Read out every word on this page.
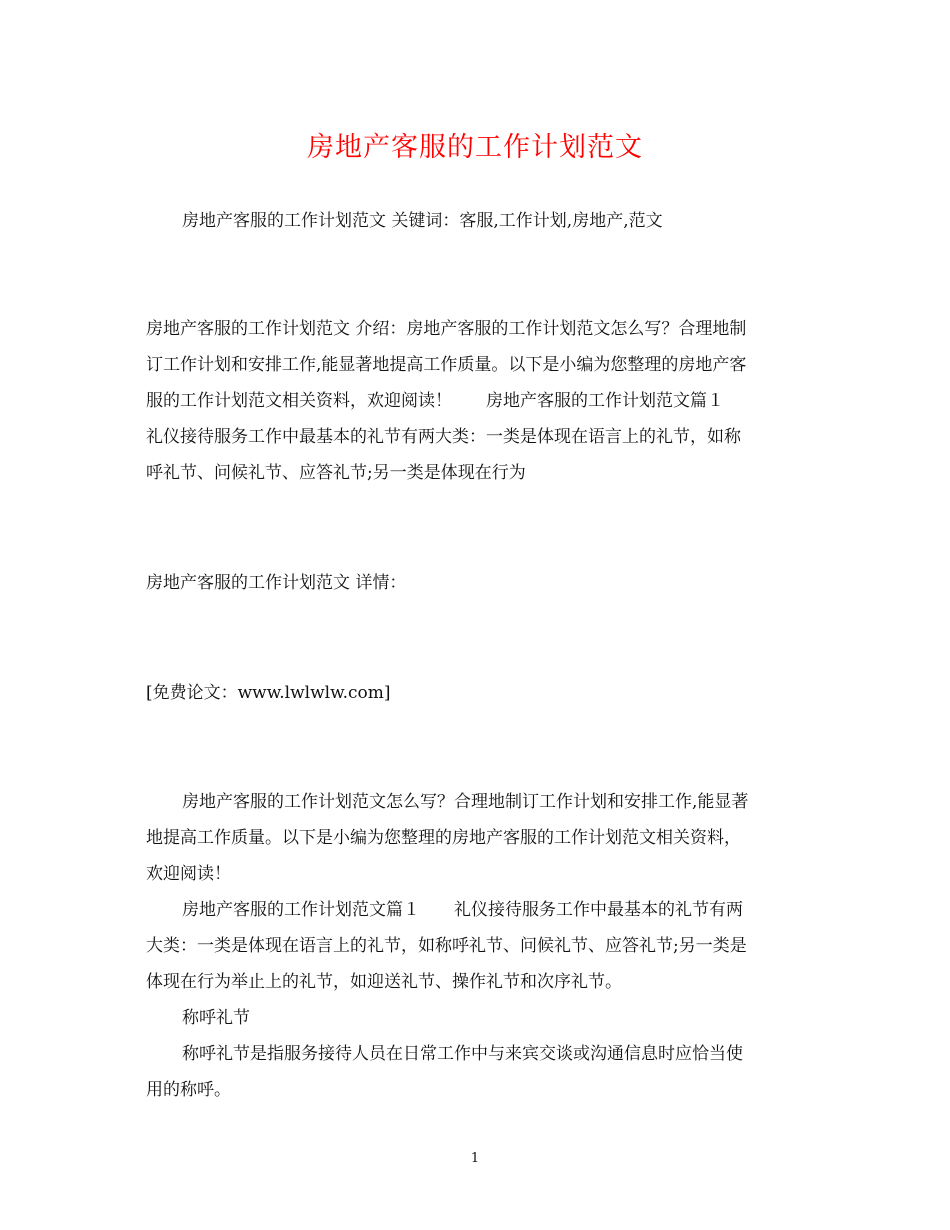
房地产客服的工作计划范文
房地产客服的工作计划范文 关键词：客服,工作计划,房地产,范文
房地产客服的工作计划范文 介绍：房地产客服的工作计划范文怎么写？合理地制
订工作计划和安排工作,能显著地提高工作质量。以下是小编为您整理的房地产客
服的工作计划范文相关资料，欢迎阅读！　　房地产客服的工作计划范文篇１
礼仪接待服务工作中最基本的礼节有两大类：一类是体现在语言上的礼节，如称
呼礼节、问候礼节、应答礼节;另一类是体现在行为
房地产客服的工作计划范文 详情：
[免费论文：www.lwlwlw.com]
房地产客服的工作计划范文怎么写？合理地制订工作计划和安排工作,能显著
地提高工作质量。以下是小编为您整理的房地产客服的工作计划范文相关资料，
欢迎阅读！
房地产客服的工作计划范文篇１　　礼仪接待服务工作中最基本的礼节有两
大类：一类是体现在语言上的礼节，如称呼礼节、问候礼节、应答礼节;另一类是
体现在行为举止上的礼节，如迎送礼节、操作礼节和次序礼节。
称呼礼节
称呼礼节是指服务接待人员在日常工作中与来宾交谈或沟通信息时应恰当使
用的称呼。
1
